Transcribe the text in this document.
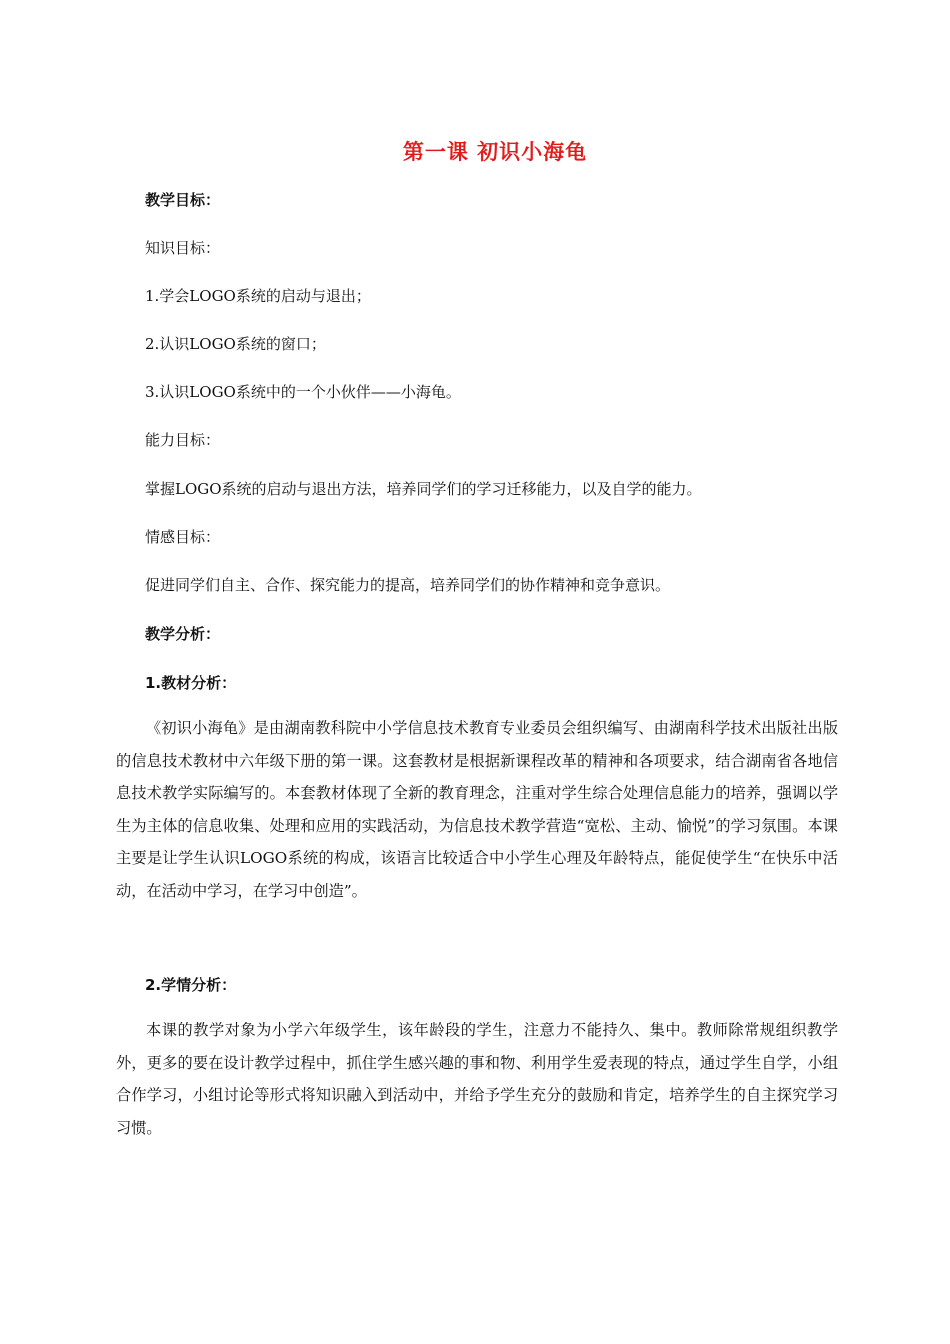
第一课 初识小海龟
教学目标：
知识目标：
1.学会LOGO系统的启动与退出；
2.认识LOGO系统的窗口；
3.认识LOGO系统中的一个小伙伴——小海龟。
能力目标：
掌握LOGO系统的启动与退出方法，培养同学们的学习迁移能力，以及自学的能力。
情感目标：
促进同学们自主、合作、探究能力的提高，培养同学们的协作精神和竞争意识。
教学分析：
1.教材分析：

《初识小海龟》是由湖南教科院中小学信息技术教育专业委员会组织编写、由湖南科学技术出版社出版的信息技术教材中六年级下册的第一课。这套教材是根据新课程改革的精神和各项要求，结合湖南省各地信息技术教学实际编写的。本套教材体现了全新的教育理念，注重对学生综合处理信息能力的培养，强调以学生为主体的信息收集、处理和应用的实践活动，为信息技术教学营造“宽松、主动、愉悦”的学习氛围。本课主要是让学生认识LOGO系统的构成，该语言比较适合中小学生心理及年龄特点，能促使学生“在快乐中活动，在活动中学习，在学习中创造”。

2.学情分析：

本课的教学对象为小学六年级学生，该年龄段的学生，注意力不能持久、集中。教师除常规组织教学外，更多的要在设计教学过程中，抓住学生感兴趣的事和物、利用学生爱表现的特点，通过学生自学，小组合作学习，小组讨论等形式将知识融入到活动中，并给予学生充分的鼓励和肯定，培养学生的自主探究学习习惯。
